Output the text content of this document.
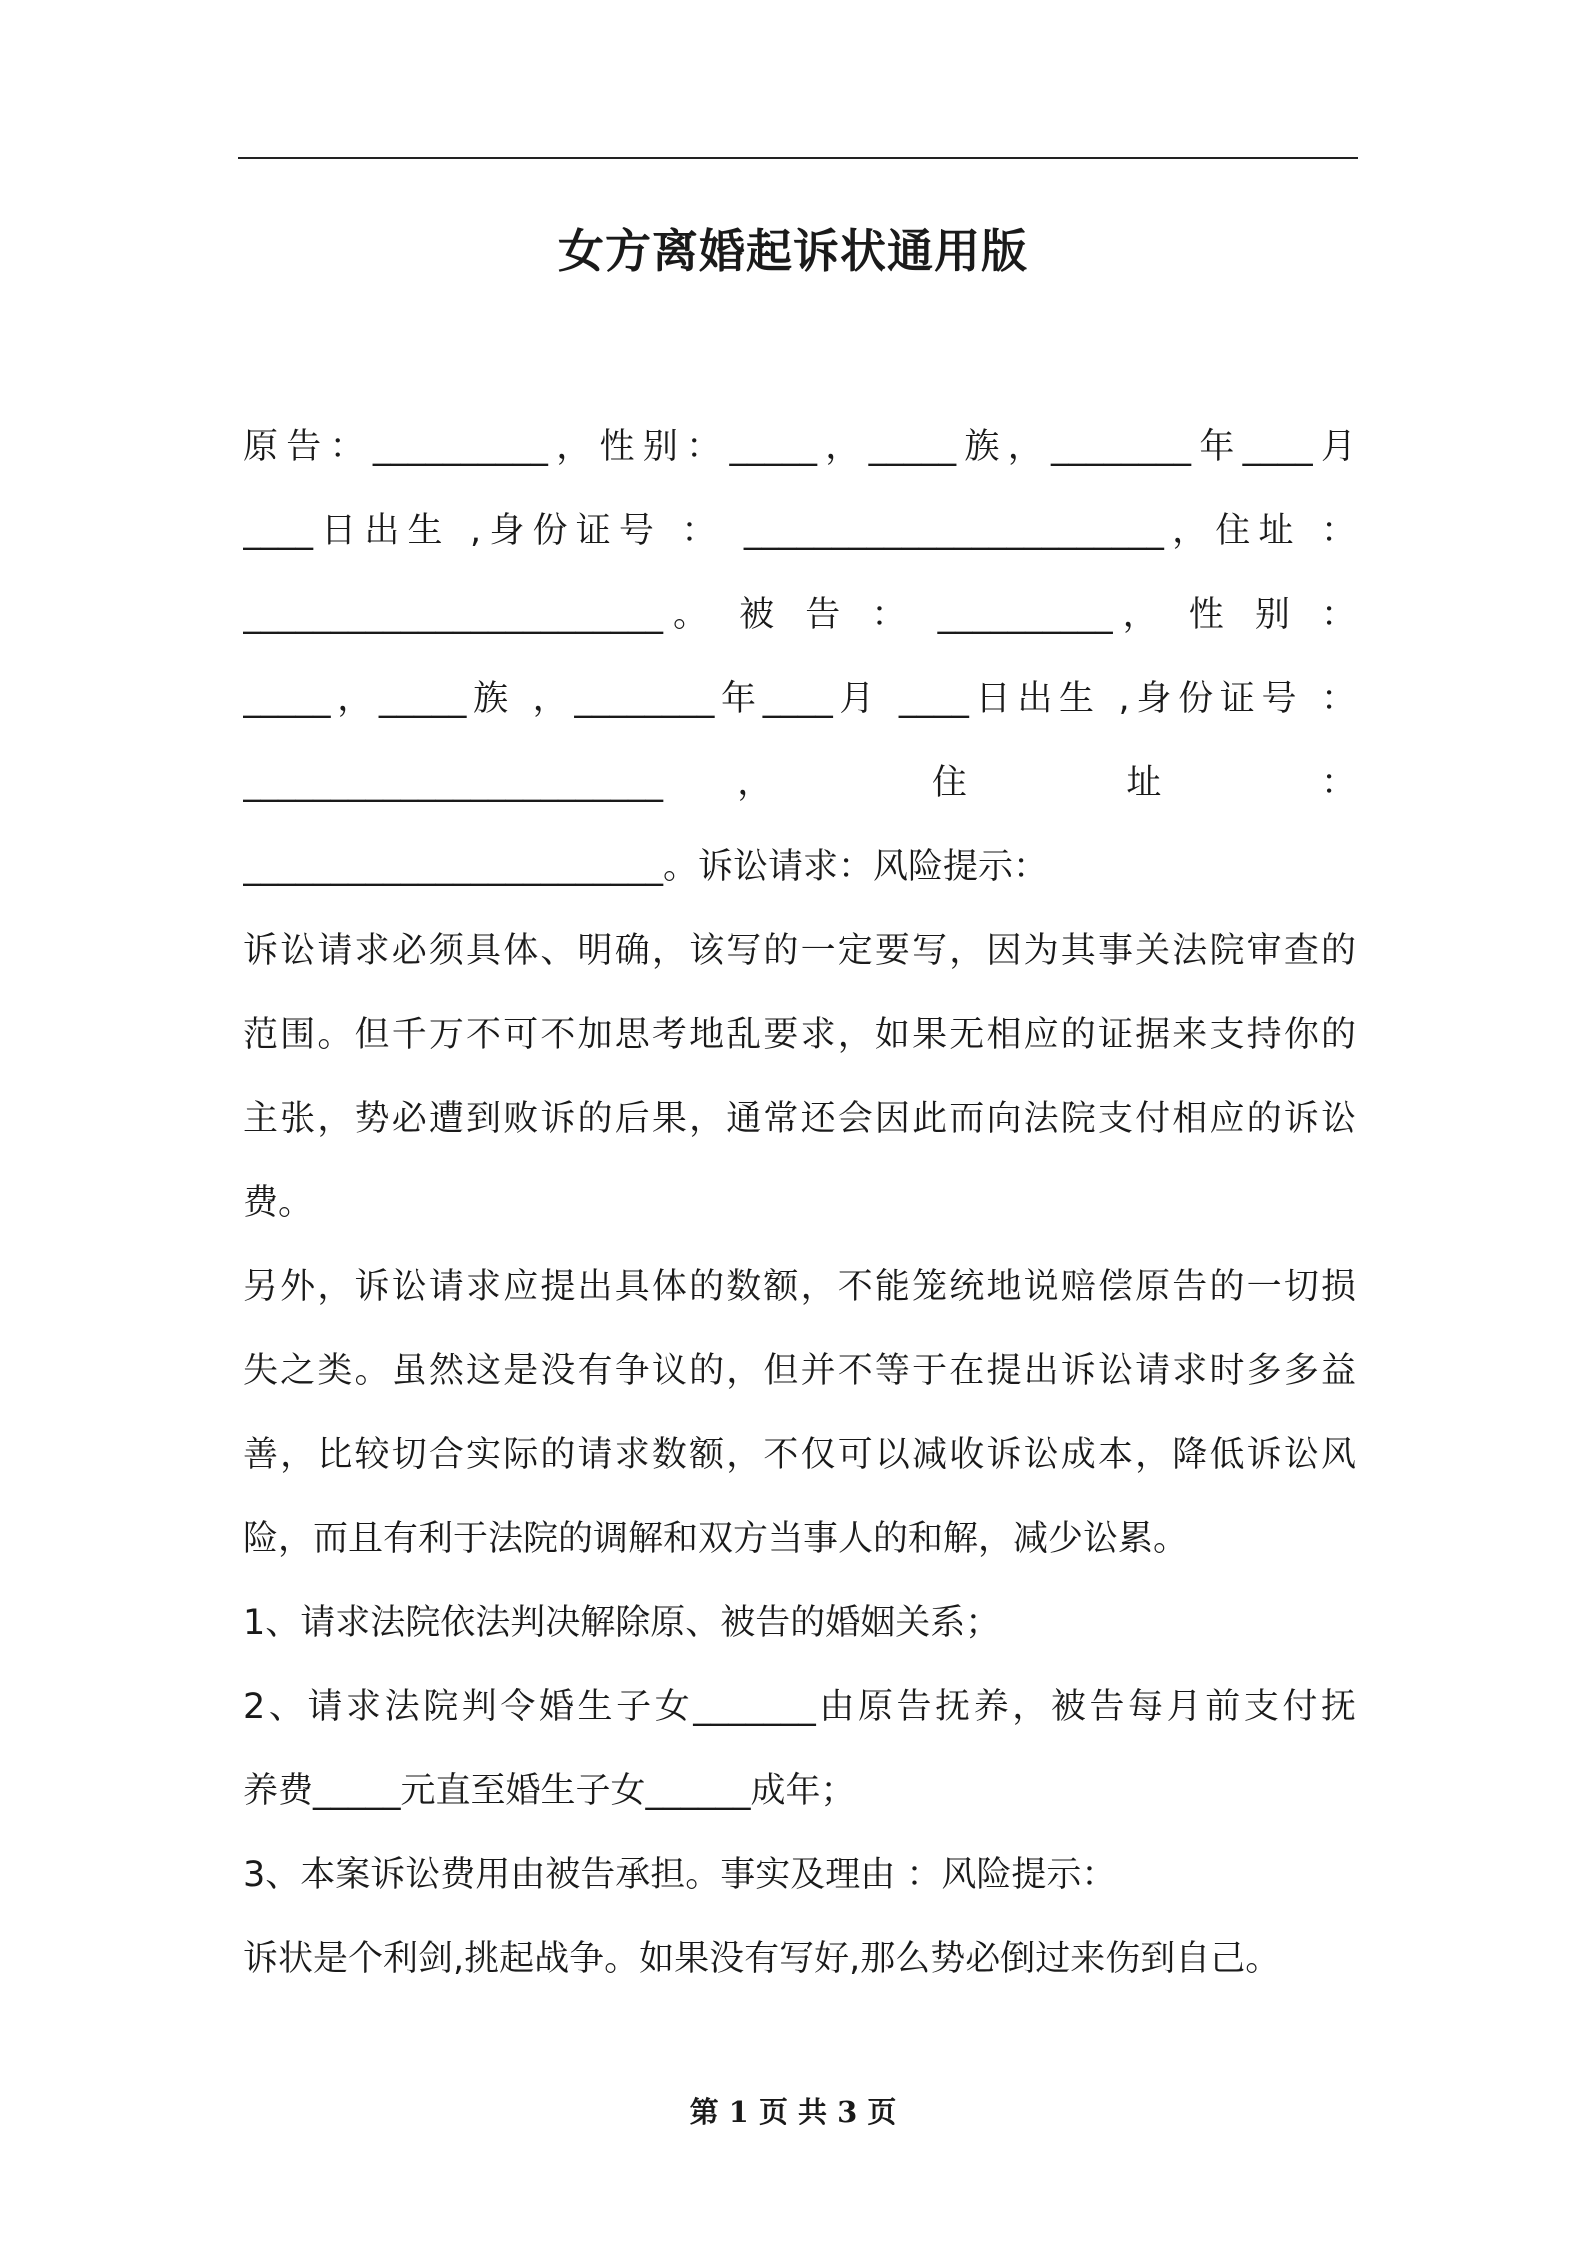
女方离婚起诉状通用版
原告：__________，性别：_____，_____族，________年____月
____日出生 ,身份证号 ： ________________________，住址 ：
________________________。 被 告 ： __________， 性 别 ：
_____，_____族 ，________年____月 ____日出生 ,身份证号 ：
________________________， 住 址 ：
________________________。诉讼请求：风险提示：
诉讼请求必须具体、明确，该写的一定要写，因为其事关法院审查的
范围。但千万不可不加思考地乱要求，如果无相应的证据来支持你的
主张，势必遭到败诉的后果，通常还会因此而向法院支付相应的诉讼
费。
另外，诉讼请求应提出具体的数额，不能笼统地说赔偿原告的一切损
失之类。虽然这是没有争议的，但并不等于在提出诉讼请求时多多益
善，比较切合实际的请求数额，不仅可以减收诉讼成本，降低诉讼风
险，而且有利于法院的调解和双方当事人的和解，减少讼累。
1、请求法院依法判决解除原、被告的婚姻关系；
2、请求法院判令婚生子女_______由原告抚养，被告每月前支付抚
养费_____元直至婚生子女______成年；
3、本案诉讼费用由被告承担。事实及理由 ：风险提示：
诉状是个利剑,挑起战争。如果没有写好,那么势必倒过来伤到自己。
第 1 页 共 3 页
